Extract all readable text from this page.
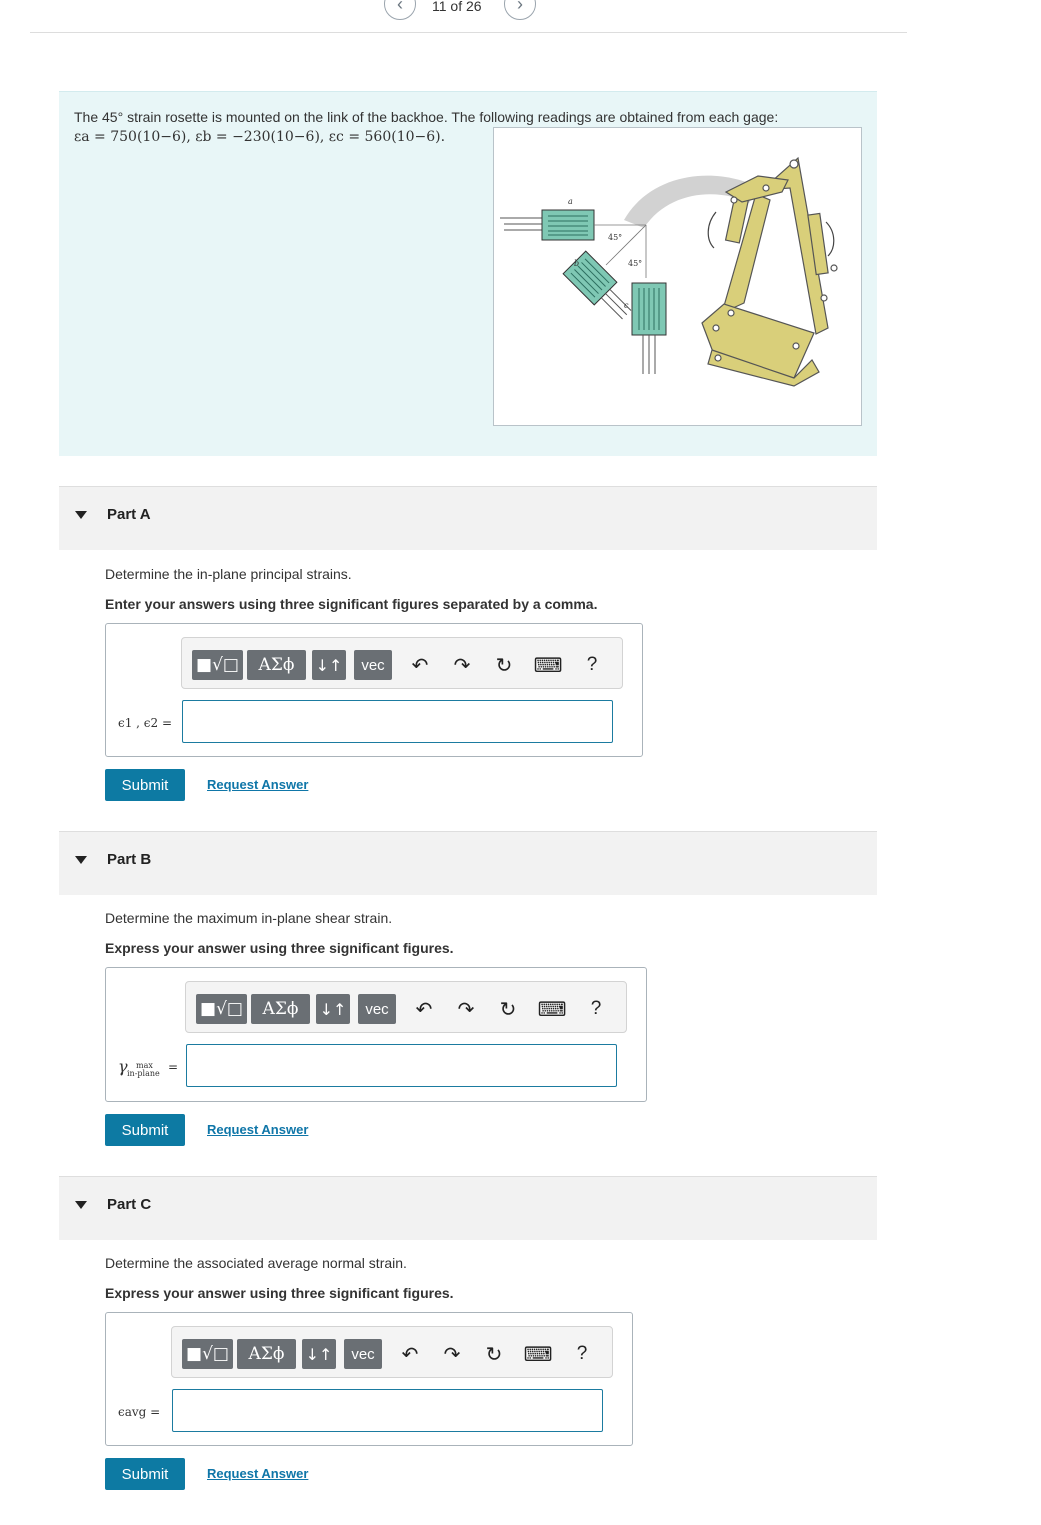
‹ 11 of 26 ›
The 45° strain rosette is mounted on the link of the backhoe. The following readings are obtained from each gage:
εa = 750(10−6), εb = −230(10−6), εc = 560(10−6).
a
45°
45°
b
c
Part A
Determine the in-plane principal strains.
Enter your answers using three significant figures separated by a comma.
■√□	ΑΣϕ	↓↑	vec	↶ ↷ ↻ ⌨	?
ϵ1 , ϵ2 =
Submit	Request Answer
Part B
Determine the maximum in-plane shear strain.
Express your answer using three significant figures.
■√□	ΑΣϕ	↓↑	vec	↶ ↷ ↻ ⌨	?
γ max
in-plane =
Submit	Request Answer
Part C
Determine the associated average normal strain.
Express your answer using three significant figures.
■√□	ΑΣϕ	↓↑	vec	↶ ↷ ↻ ⌨	?
ϵavg =
Submit	Request Answer
